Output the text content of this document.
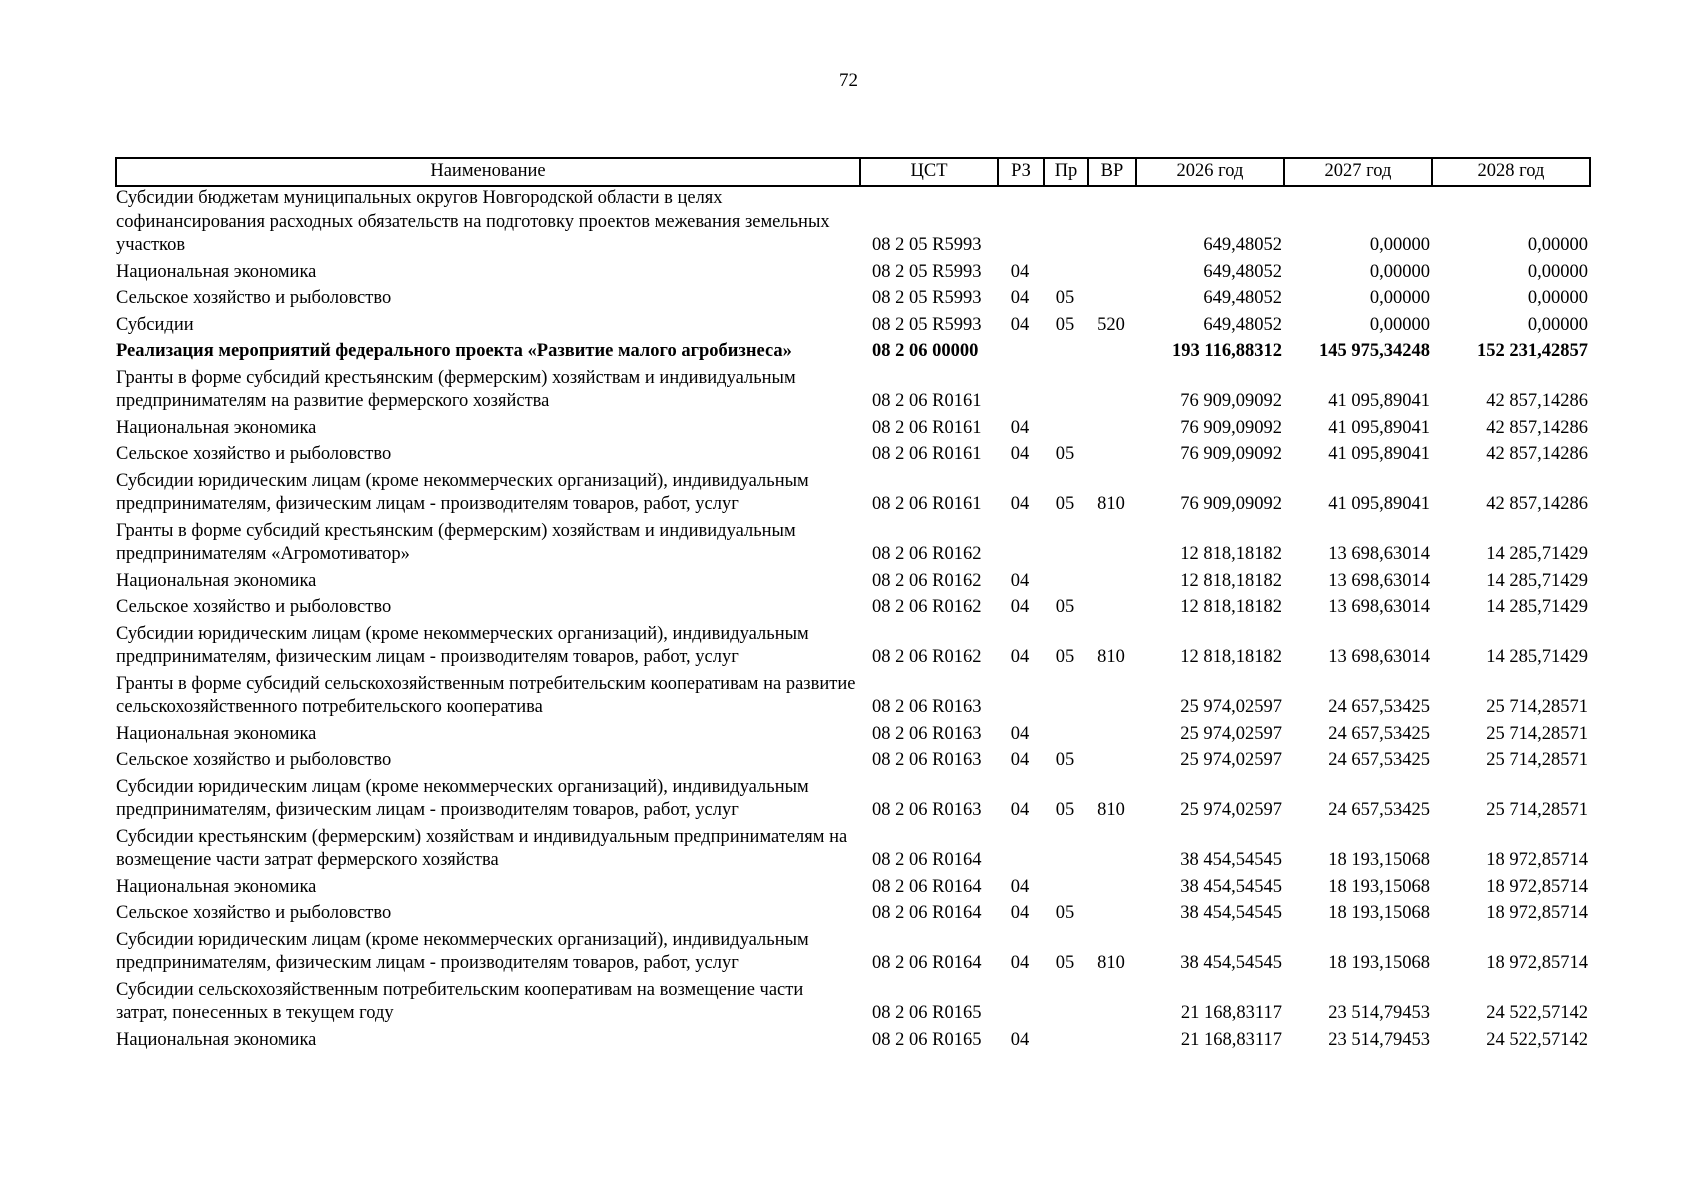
72
Наименование	ЦСТ	РЗ	Пр	ВР	2026 год	2027 год	2028 год
Субсидии бюджетам муниципальных округов Новгородской области в целях софинансирования расходных обязательств на подготовку проектов межевания земельных участков	08 2 05 R5993				649,48052	0,00000	0,00000
Национальная экономика	08 2 05 R5993	04			649,48052	0,00000	0,00000
Сельское хозяйство и рыболовство	08 2 05 R5993	04	05		649,48052	0,00000	0,00000
Субсидии	08 2 05 R5993	04	05	520	649,48052	0,00000	0,00000
Реализация мероприятий федерального проекта «Развитие малого агробизнеса»	08 2 06 00000				193 116,88312	145 975,34248	152 231,42857
Гранты в форме субсидий крестьянским (фермерским) хозяйствам и индивидуальным предпринимателям на развитие фермерского хозяйства	08 2 06 R0161				76 909,09092	41 095,89041	42 857,14286
Национальная экономика	08 2 06 R0161	04			76 909,09092	41 095,89041	42 857,14286
Сельское хозяйство и рыболовство	08 2 06 R0161	04	05		76 909,09092	41 095,89041	42 857,14286
Субсидии юридическим лицам (кроме некоммерческих организаций), индивидуальным предпринимателям, физическим лицам - производителям товаров, работ, услуг	08 2 06 R0161	04	05	810	76 909,09092	41 095,89041	42 857,14286
Гранты в форме субсидий крестьянским (фермерским) хозяйствам и индивидуальным предпринимателям «Агромотиватор»	08 2 06 R0162				12 818,18182	13 698,63014	14 285,71429
Национальная экономика	08 2 06 R0162	04			12 818,18182	13 698,63014	14 285,71429
Сельское хозяйство и рыболовство	08 2 06 R0162	04	05		12 818,18182	13 698,63014	14 285,71429
Субсидии юридическим лицам (кроме некоммерческих организаций), индивидуальным предпринимателям, физическим лицам - производителям товаров, работ, услуг	08 2 06 R0162	04	05	810	12 818,18182	13 698,63014	14 285,71429
Гранты в форме субсидий сельскохозяйственным потребительским кооперативам на развитие сельскохозяйственного потребительского кооператива	08 2 06 R0163				25 974,02597	24 657,53425	25 714,28571
Национальная экономика	08 2 06 R0163	04			25 974,02597	24 657,53425	25 714,28571
Сельское хозяйство и рыболовство	08 2 06 R0163	04	05		25 974,02597	24 657,53425	25 714,28571
Субсидии юридическим лицам (кроме некоммерческих организаций), индивидуальным предпринимателям, физическим лицам - производителям товаров, работ, услуг	08 2 06 R0163	04	05	810	25 974,02597	24 657,53425	25 714,28571
Субсидии крестьянским (фермерским) хозяйствам и индивидуальным предпринимателям на возмещение части затрат фермерского хозяйства	08 2 06 R0164				38 454,54545	18 193,15068	18 972,85714
Национальная экономика	08 2 06 R0164	04			38 454,54545	18 193,15068	18 972,85714
Сельское хозяйство и рыболовство	08 2 06 R0164	04	05		38 454,54545	18 193,15068	18 972,85714
Субсидии юридическим лицам (кроме некоммерческих организаций), индивидуальным предпринимателям, физическим лицам - производителям товаров, работ, услуг	08 2 06 R0164	04	05	810	38 454,54545	18 193,15068	18 972,85714
Субсидии сельскохозяйственным потребительским кооперативам на возмещение части затрат, понесенных в текущем году	08 2 06 R0165				21 168,83117	23 514,79453	24 522,57142
Национальная экономика	08 2 06 R0165	04			21 168,83117	23 514,79453	24 522,57142
